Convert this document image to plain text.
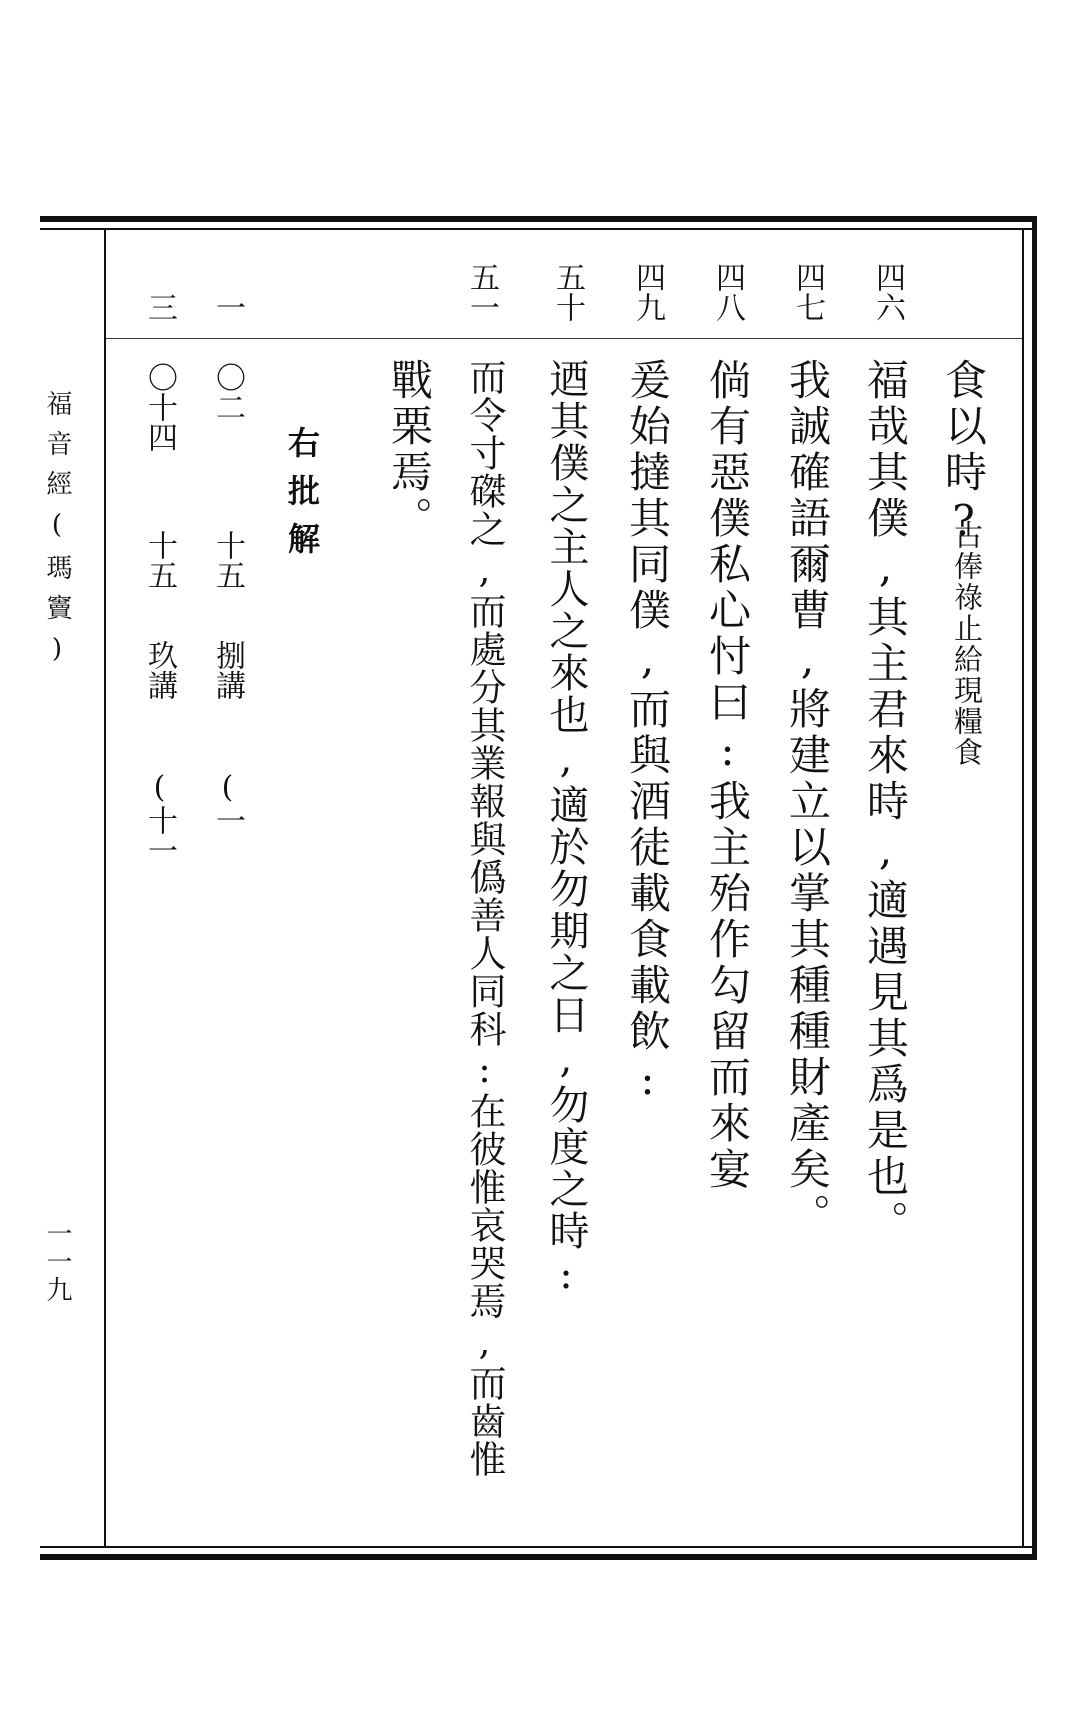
福音經(瑪竇)
一一九
四六
四七
四八
四九
五十
五一
一
三
食以時?
古俸祿止給現糧食
福哉其僕,其主君來時,適遇見其爲是也。
我誠確語爾曹,將建立以掌其種種財產矣。
倘有惡僕私心忖曰:我主殆作勾留而來宴
爰始撻其同僕,而與酒徒載食載飲:
迺其僕之主人之來也,適於勿期之日,勿度之時:
而令寸磔之,而處分其業報與僞善人同科:在彼惟哀哭焉,而齒惟
戰栗焉。
右批解
〇二
十五
捌講
(一
〇十四
十五
玖講
(十一
